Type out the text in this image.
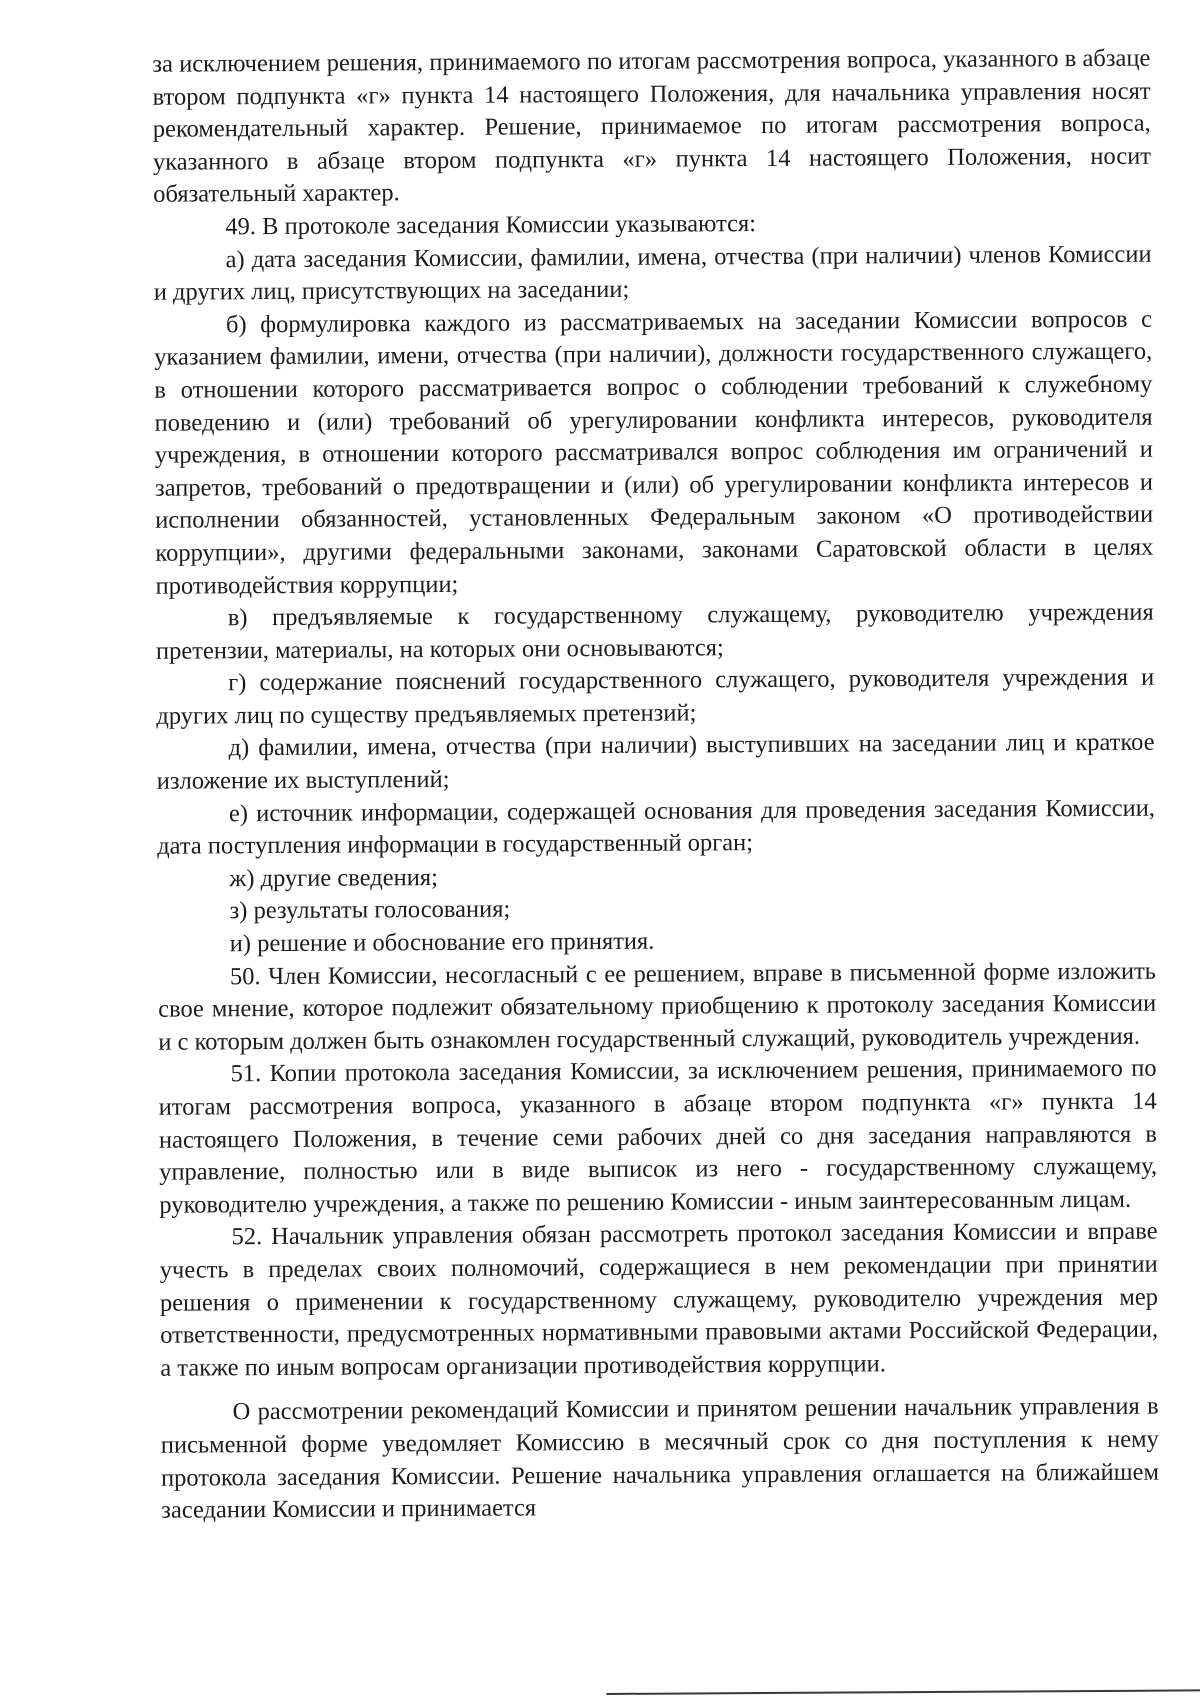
за исключением решения, принимаемого по итогам рассмотрения вопроса, указанного в абзаце втором подпункта «г» пункта 14 настоящего Положения, для начальника управления носят рекомендательный характер. Решение, принимаемое по итогам рассмотрения вопроса, указанного в абзаце втором подпункта «г» пункта 14 настоящего Положения, носит обязательный характер.

49. В протоколе заседания Комиссии указываются:

а) дата заседания Комиссии, фамилии, имена, отчества (при наличии) членов Комиссии и других лиц, присутствующих на заседании;

б) формулировка каждого из рассматриваемых на заседании Комиссии вопросов с указанием фамилии, имени, отчества (при наличии), должности государственного служащего, в отношении которого рассматривается вопрос о соблюдении требований к служебному поведению и (или) требований об урегулировании конфликта интересов, руководителя учреждения, в отношении которого рассматривался вопрос соблюдения им ограничений и запретов, требований о предотвращении и (или) об урегулировании конфликта интересов и исполнении обязанностей, установленных Федеральным законом «О противодействии коррупции», другими федеральными законами, законами Саратовской области в целях противодействия коррупции;

в) предъявляемые к государственному служащему, руководителю учреждения претензии, материалы, на которых они основываются;

г) содержание пояснений государственного служащего, руководителя учреждения и других лиц по существу предъявляемых претензий;

д) фамилии, имена, отчества (при наличии) выступивших на заседании лиц и краткое изложение их выступлений;

е) источник информации, содержащей основания для проведения заседания Комиссии, дата поступления информации в государственный орган;

ж) другие сведения;

з) результаты голосования;

и) решение и обоснование его принятия.

50. Член Комиссии, несогласный с ее решением, вправе в письменной форме изложить свое мнение, которое подлежит обязательному приобщению к протоколу заседания Комиссии и с которым должен быть ознакомлен государственный служащий, руководитель учреждения.

51. Копии протокола заседания Комиссии, за исключением решения, принимаемого по итогам рассмотрения вопроса, указанного в абзаце втором подпункта «г» пункта 14 настоящего Положения, в течение семи рабочих дней со дня заседания направляются в управление, полностью или в виде выписок из него - государственному служащему, руководителю учреждения, а также по решению Комиссии - иным заинтересованным лицам.

52. Начальник управления обязан рассмотреть протокол заседания Комиссии и вправе учесть в пределах своих полномочий, содержащиеся в нем рекомендации при принятии решения о применении к государственному служащему, руководителю учреждения мер ответственности, предусмотренных нормативными правовыми актами Российской Федерации, а также по иным вопросам организации противодействия коррупции.

О рассмотрении рекомендаций Комиссии и принятом решении начальник управления в письменной форме уведомляет Комиссию в месячный срок со дня поступления к нему протокола заседания Комиссии. Решение начальника управления оглашается на ближайшем заседании Комиссии и принимается
